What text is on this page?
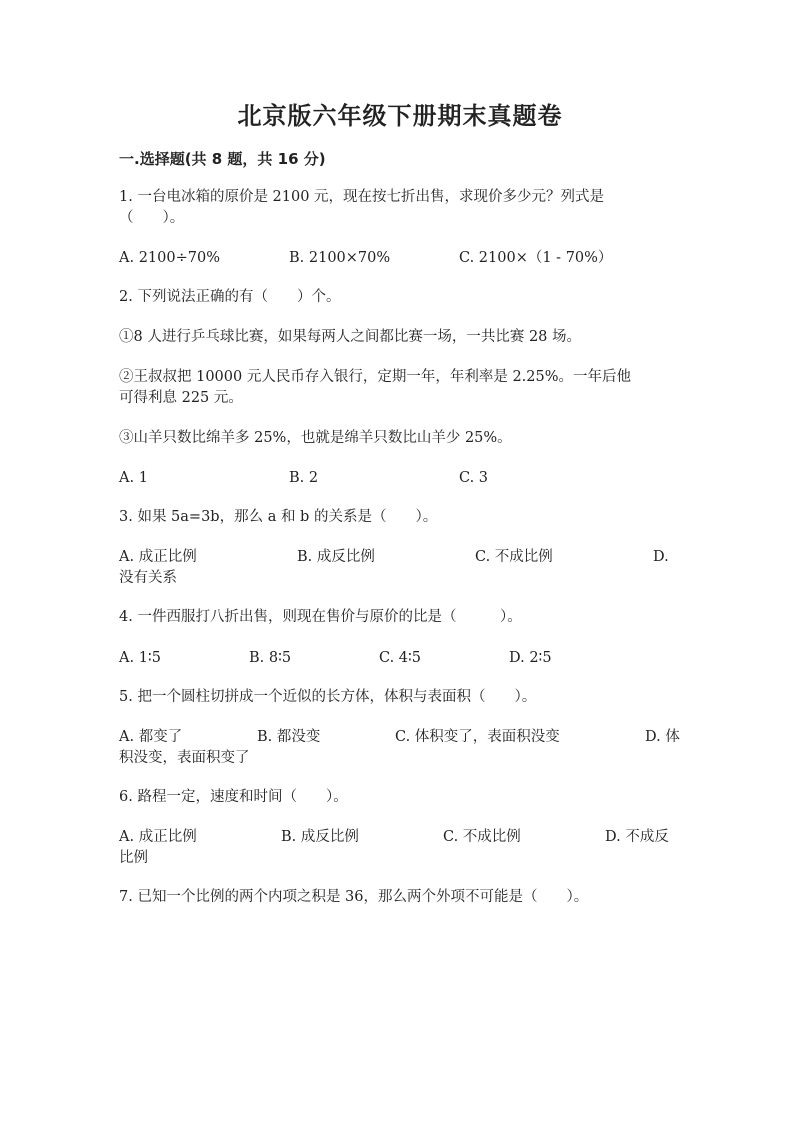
北京版六年级下册期末真题卷
一.选择题(共 8 题，共 16 分)
1. 一台电冰箱的原价是 2100 元，现在按七折出售，求现价多少元？列式是
（　　）。
A. 2100÷70%	B. 2100×70%	C. 2100×（1 - 70%）
2. 下列说法正确的有（　　）个。
①8 人进行乒乓球比赛，如果每两人之间都比赛一场，一共比赛 28 场。
②王叔叔把 10000 元人民币存入银行，定期一年，年利率是 2.25%。一年后他
可得利息 225 元。
③山羊只数比绵羊多 25%，也就是绵羊只数比山羊少 25%。
A. 1	B. 2	C. 3
3. 如果 5a=3b，那么 a 和 b 的关系是（　　）。
A. 成正比例	B. 成反比例	C. 不成比例	D.
没有关系
4. 一件西服打八折出售，则现在售价与原价的比是（　　　）。
A. 1∶5	B. 8∶5	C. 4∶5	D. 2∶5
5. 把一个圆柱切拼成一个近似的长方体，体积与表面积（　　）。
A. 都变了	B. 都没变	C. 体积变了，表面积没变	D. 体
积没变，表面积变了
6. 路程一定，速度和时间（　　）。
A. 成正比例	B. 成反比例	C. 不成比例	D. 不成反
比例
7. 已知一个比例的两个内项之积是 36，那么两个外项不可能是（　　）。
